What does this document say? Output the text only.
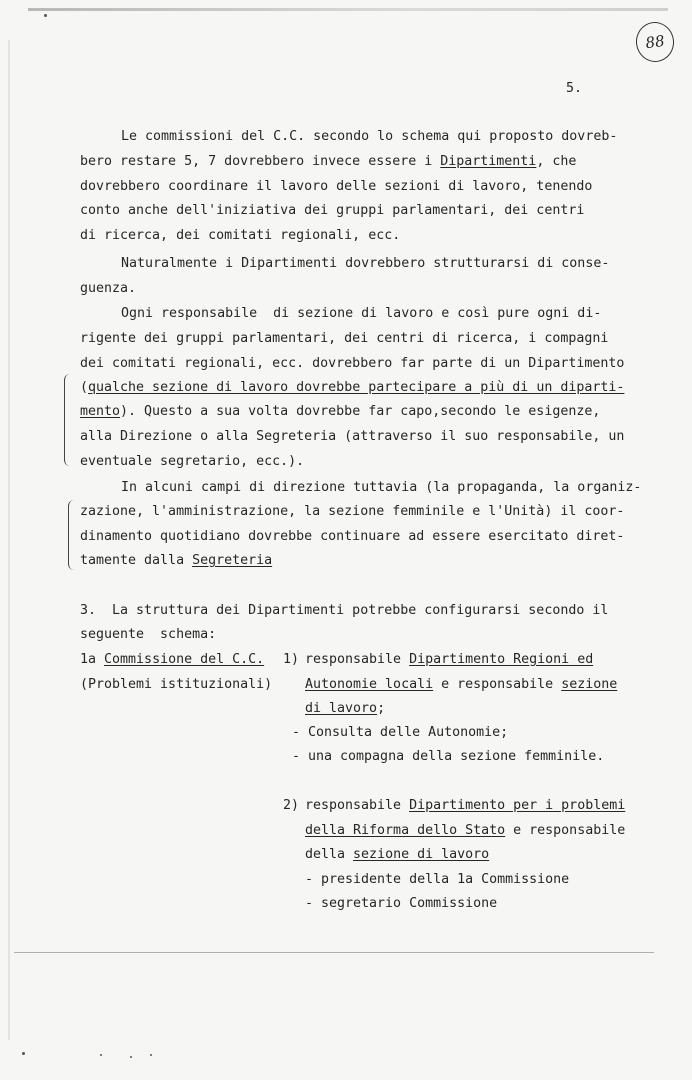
88
5.
Le commissioni del C.C. secondo lo schema qui proposto dovreb-
bero restare 5, 7 dovrebbero invece essere i Dipartimenti, che
dovrebbero coordinare il lavoro delle sezioni di lavoro, tenendo
conto anche dell'iniziativa dei gruppi parlamentari, dei centri
di ricerca, dei comitati regionali, ecc.
Naturalmente i Dipartimenti dovrebbero strutturarsi di conse-
guenza.
Ogni responsabile  di sezione di lavoro e così pure ogni di-
rigente dei gruppi parlamentari, dei centri di ricerca, i compagni
dei comitati regionali, ecc. dovrebbero far parte di un Dipartimento
(qualche sezione di lavoro dovrebbe partecipare a più di un diparti-
mento). Questo a sua volta dovrebbe far capo,secondo le esigenze,
alla Direzione o alla Segreteria (attraverso il suo responsabile, un
eventuale segretario, ecc.).
In alcuni campi di direzione tuttavia (la propaganda, la organiz-
zazione, l'amministrazione, la sezione femminile e l'Unità) il coor-
dinamento quotidiano dovrebbe continuare ad essere esercitato diret-
tamente dalla Segreteria
3.  La struttura dei Dipartimenti potrebbe configurarsi secondo il
seguente  schema:
1a Commissione del C.C.
(Problemi istituzionali)
1) responsabile Dipartimento Regioni ed
Autonomie locali e responsabile sezione
di lavoro;
- Consulta delle Autonomie;
- una compagna della sezione femminile.
2) responsabile Dipartimento per i problemi
della Riforma dello Stato e responsabile
della sezione di lavoro
- presidente della 1a Commissione
- segretario Commissione
